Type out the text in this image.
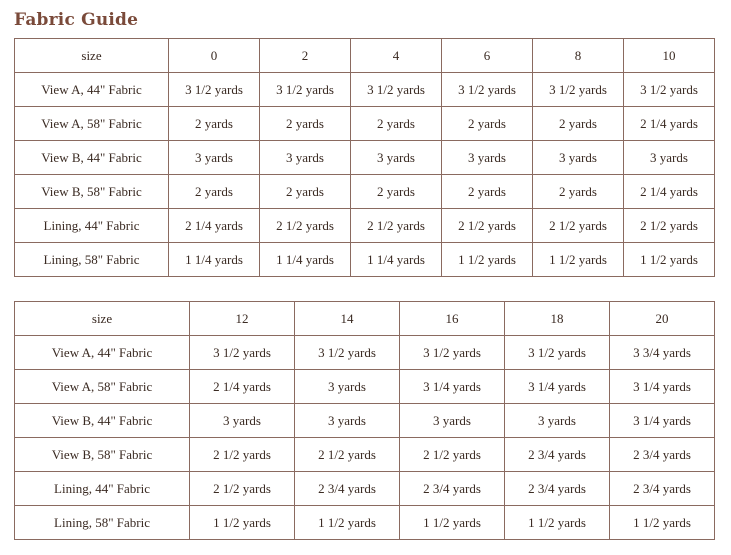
Fabric Guide
size	0	2	4	6	8	10
View A, 44" Fabric	3 1/2 yards	3 1/2 yards	3 1/2 yards	3 1/2 yards	3 1/2 yards	3 1/2 yards
View A, 58" Fabric	2 yards	2 yards	2 yards	2 yards	2 yards	2 1/4 yards
View B, 44" Fabric	3 yards	3 yards	3 yards	3 yards	3 yards	3 yards
View B, 58" Fabric	2 yards	2 yards	2 yards	2 yards	2 yards	2 1/4 yards
Lining, 44" Fabric	2 1/4 yards	2 1/2 yards	2 1/2 yards	2 1/2 yards	2 1/2 yards	2 1/2 yards
Lining, 58" Fabric	1 1/4 yards	1 1/4 yards	1 1/4 yards	1 1/2 yards	1 1/2 yards	1 1/2 yards
size	12	14	16	18	20
View A, 44" Fabric	3 1/2 yards	3 1/2 yards	3 1/2 yards	3 1/2 yards	3 3/4 yards
View A, 58" Fabric	2 1/4 yards	3 yards	3 1/4 yards	3 1/4 yards	3 1/4 yards
View B, 44" Fabric	3 yards	3 yards	3 yards	3 yards	3 1/4 yards
View B, 58" Fabric	2 1/2 yards	2 1/2 yards	2 1/2 yards	2 3/4 yards	2 3/4 yards
Lining, 44" Fabric	2 1/2 yards	2 3/4 yards	2 3/4 yards	2 3/4 yards	2 3/4 yards
Lining, 58" Fabric	1 1/2 yards	1 1/2 yards	1 1/2 yards	1 1/2 yards	1 1/2 yards
